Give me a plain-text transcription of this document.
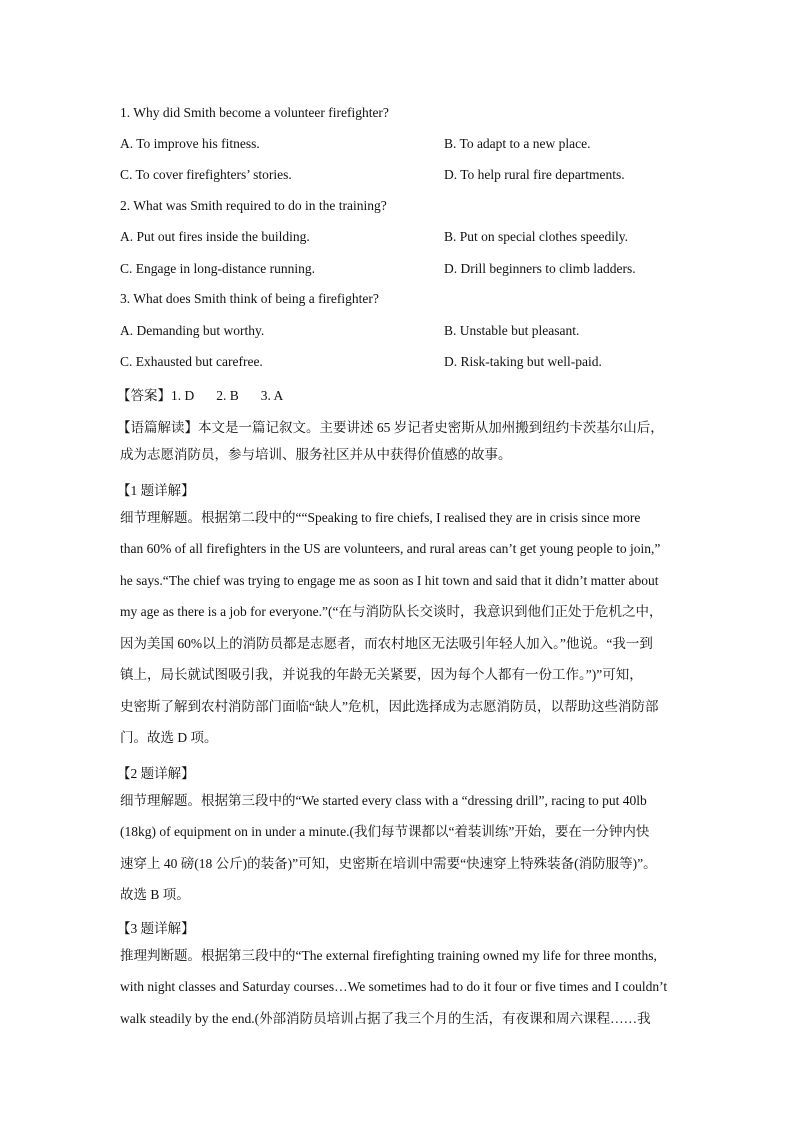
1. Why did Smith become a volunteer firefighter?
A. To improve his fitness.	B. To adapt to a new place.
C. To cover firefighters’ stories.	D. To help rural fire departments.
2. What was Smith required to do in the training?
A. Put out fires inside the building.	B. Put on special clothes speedily.
C. Engage in long-distance running.	D. Drill beginners to climb ladders.
3. What does Smith think of being a firefighter?
A. Demanding but worthy.	B. Unstable but pleasant.
C. Exhausted but carefree.	D. Risk-taking but well-paid.
【答案】1. D 2. B 3. A
【语篇解读】本文是一篇记叙文。主要讲述 65 岁记者史密斯从加州搬到纽约卡茨基尔山后，
成为志愿消防员，参与培训、服务社区并从中获得价值感的故事。
【1 题详解】
细节理解题。根据第二段中的““Speaking to fire chiefs, I realised they are in crisis since more
than 60% of all firefighters in the US are volunteers, and rural areas can’t get young people to join,”
he says.“The chief was trying to engage me as soon as I hit town and said that it didn’t matter about
my age as there is a job for everyone.”(“在与消防队长交谈时，我意识到他们正处于危机之中，
因为美国 60%以上的消防员都是志愿者，而农村地区无法吸引年轻人加入。”他说。“我一到
镇上，局长就试图吸引我，并说我的年龄无关紧要，因为每个人都有一份工作。”)”可知，
史密斯了解到农村消防部门面临“缺人”危机，因此选择成为志愿消防员，以帮助这些消防部
门。故选 D 项。
【2 题详解】
细节理解题。根据第三段中的“We started every class with a “dressing drill”, racing to put 40lb
(18kg) of equipment on in under a minute.(我们每节课都以“着装训练”开始，要在一分钟内快
速穿上 40 磅(18 公斤)的装备)”可知，史密斯在培训中需要“快速穿上特殊装备(消防服等)”。
故选 B 项。
【3 题详解】
推理判断题。根据第三段中的“The external firefighting training owned my life for three months,
with night classes and Saturday courses…We sometimes had to do it four or five times and I couldn’t
walk steadily by the end.(外部消防员培训占据了我三个月的生活，有夜课和周六课程……我
